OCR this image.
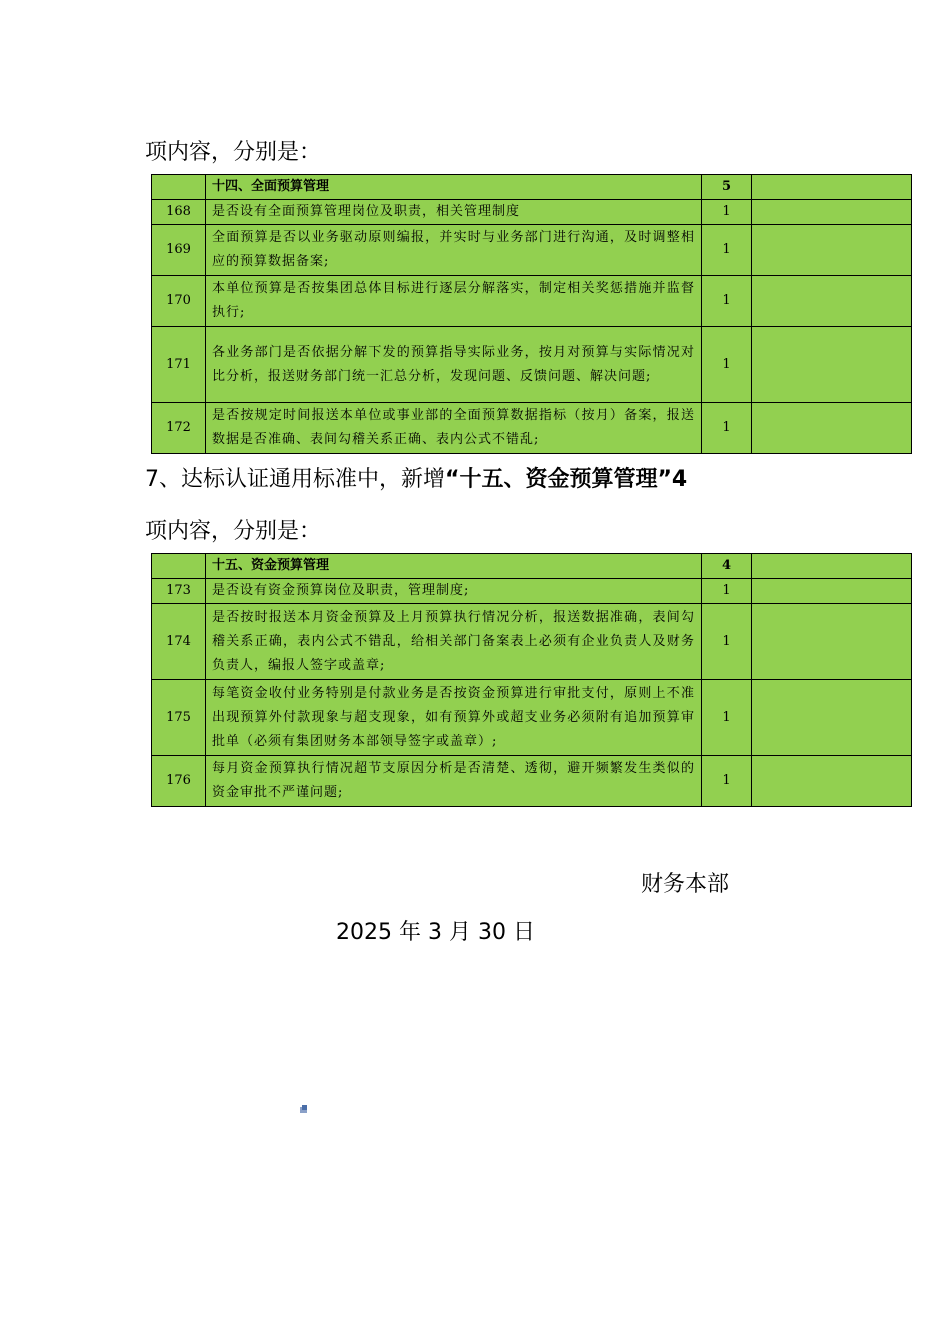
项内容，分别是：
	十四、全面预算管理	5	
168	是否设有全面预算管理岗位及职责，相关管理制度	1	
169	全面预算是否以业务驱动原则编报，并实时与业务部门进行沟通，及时调整相应的预算数据备案;	1	
170	本单位预算是否按集团总体目标进行逐层分解落实，制定相关奖惩措施并监督执行;	1	
171	各业务部门是否依据分解下发的预算指导实际业务，按月对预算与实际情况对比分析，报送财务部门统一汇总分析，发现问题、反馈问题、解决问题;	1	
172	是否按规定时间报送本单位或事业部的全面预算数据指标（按月）备案，报送数据是否准确、表间勾稽关系正确、表内公式不错乱;	1	
7、达标认证通用标准中，新增“十五、资金预算管理”4
项内容，分别是：
	十五、资金预算管理	4	
173	是否设有资金预算岗位及职责，管理制度;	1	
174	是否按时报送本月资金预算及上月预算执行情况分析，报送数据准确，表间勾稽关系正确，表内公式不错乱，给相关部门备案表上必须有企业负责人及财务负责人，编报人签字或盖章;	1	
175	每笔资金收付业务特别是付款业务是否按资金预算进行审批支付，原则上不准出现预算外付款现象与超支现象，如有预算外或超支业务必须附有追加预算审批单（必须有集团财务本部领导签字或盖章）;	1	
176	每月资金预算执行情况超节支原因分析是否清楚、透彻，避开频繁发生类似的资金审批不严谨问题;	1	
财务本部
2025 年 3 月 30 日
